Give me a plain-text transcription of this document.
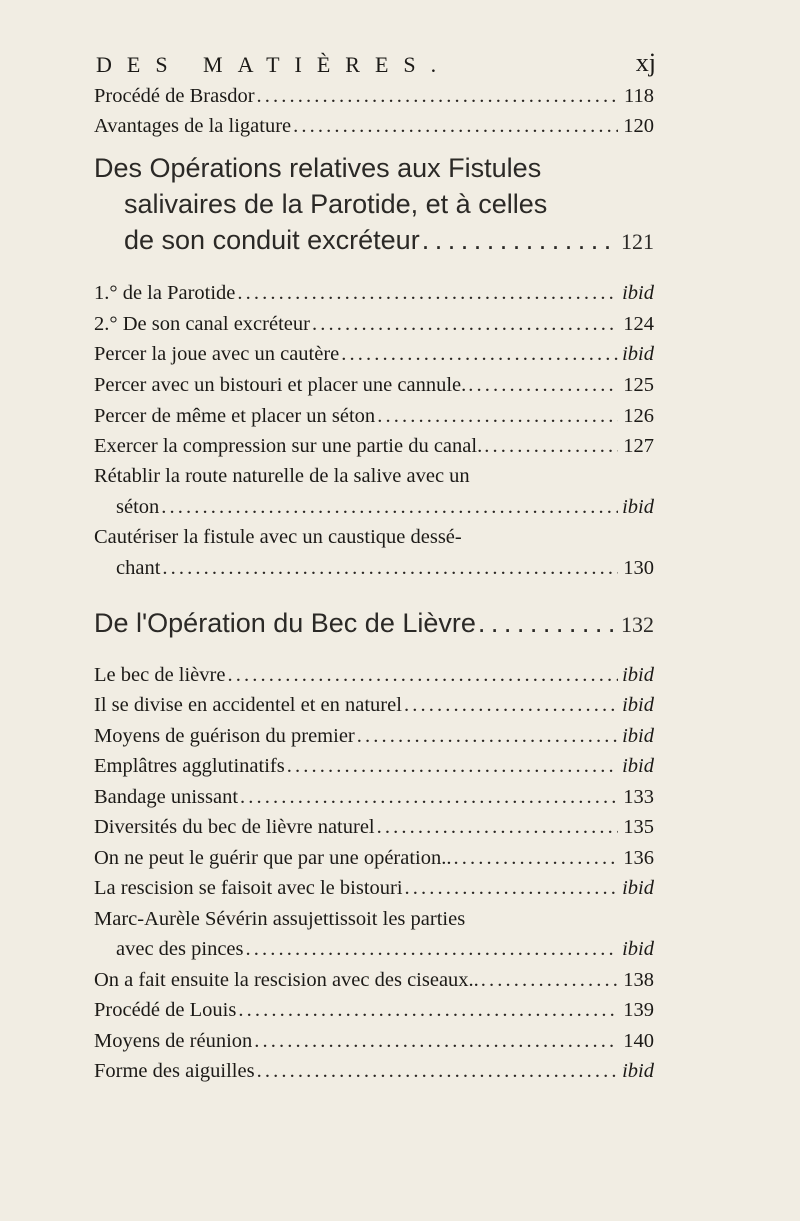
DES MATIÈRES.	xj
Procédé de Brasdor . . .	118
Avantages de la ligature . . .	120
Des Opérations relatives aux Fistules
salivaires de la Parotide, et à celles
de son conduit excréteur . . .	121
1.° de la Parotide . . .	ibid
2.° De son canal excréteur . . .	124
Percer la joue avec un cautère . . .	ibid
Percer avec un bistouri et placer une cannule. . . .	125
Percer de même et placer un séton . . .	126
Exercer la compression sur une partie du canal. . . .	127
Rétablir la route naturelle de la salive avec un
séton . . .	ibid
Cautériser la fistule avec un caustique dessé-
chant . . .	130
De l'Opération du Bec de Lièvre . . .	132
Le bec de lièvre . . .	ibid
Il se divise en accidentel et en naturel . . .	ibid
Moyens de guérison du premier . . .	ibid
Emplâtres agglutinatifs . . .	ibid
Bandage unissant . . .	133
Diversités du bec de lièvre naturel . . .	135
On ne peut le guérir que par une opération.. . . .	136
La rescision se faisoit avec le bistouri . . .	ibid
Marc-Aurèle Sévérin assujettissoit les parties
avec des pinces . . .	ibid
On a fait ensuite la rescision avec des ciseaux.. . . .	138
Procédé de Louis . . .	139
Moyens de réunion . . .	140
Forme des aiguilles . . .	ibid
